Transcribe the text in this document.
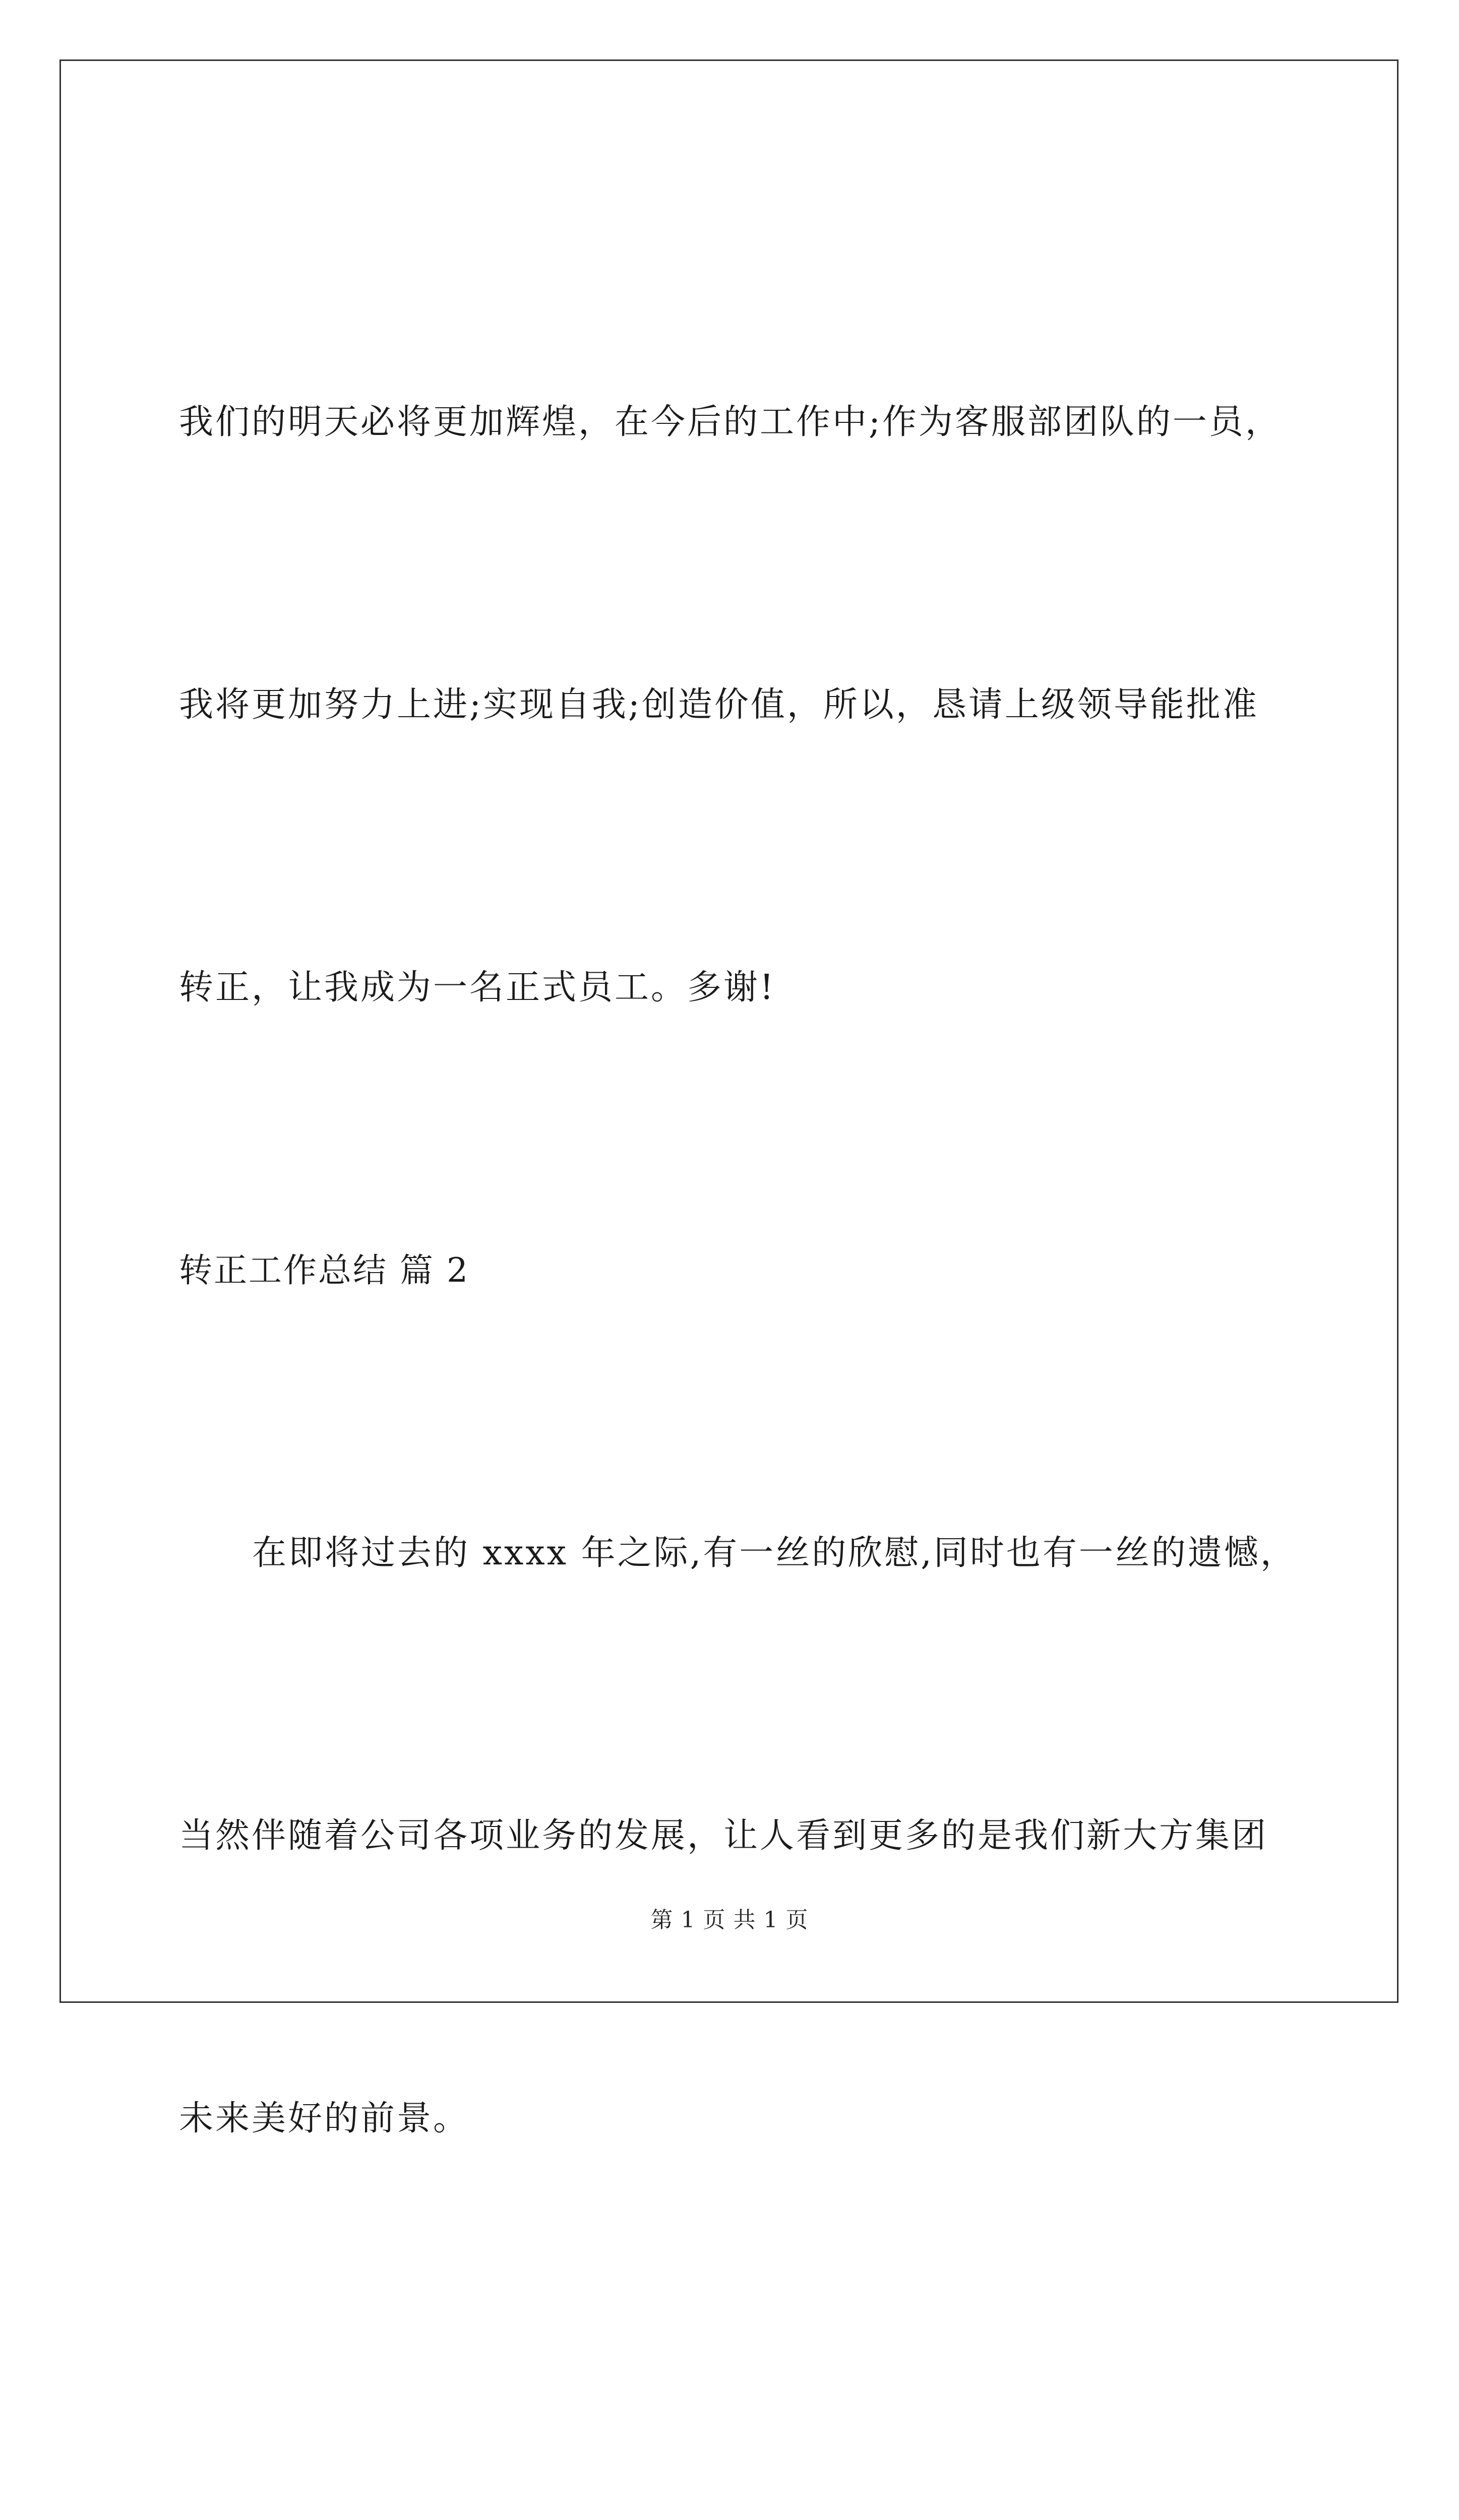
我们的明天必将更加辉煌，在今后的工作中;作为客服部团队的一员，

我将更加努力上进;实现自我;创造价值，所以，恳请上级领导能批准

转正，让我成为一名正式员工。多谢!

转正工作总结 篇 2

在即将过去的 xxxx 年之际,有一丝的欣慰,同时也有一丝的遗憾，

当然伴随着公司各项业务的发展，让人看到更多的是我们新大方集团

未来美好的前景。

第 1 页 共 1 页
